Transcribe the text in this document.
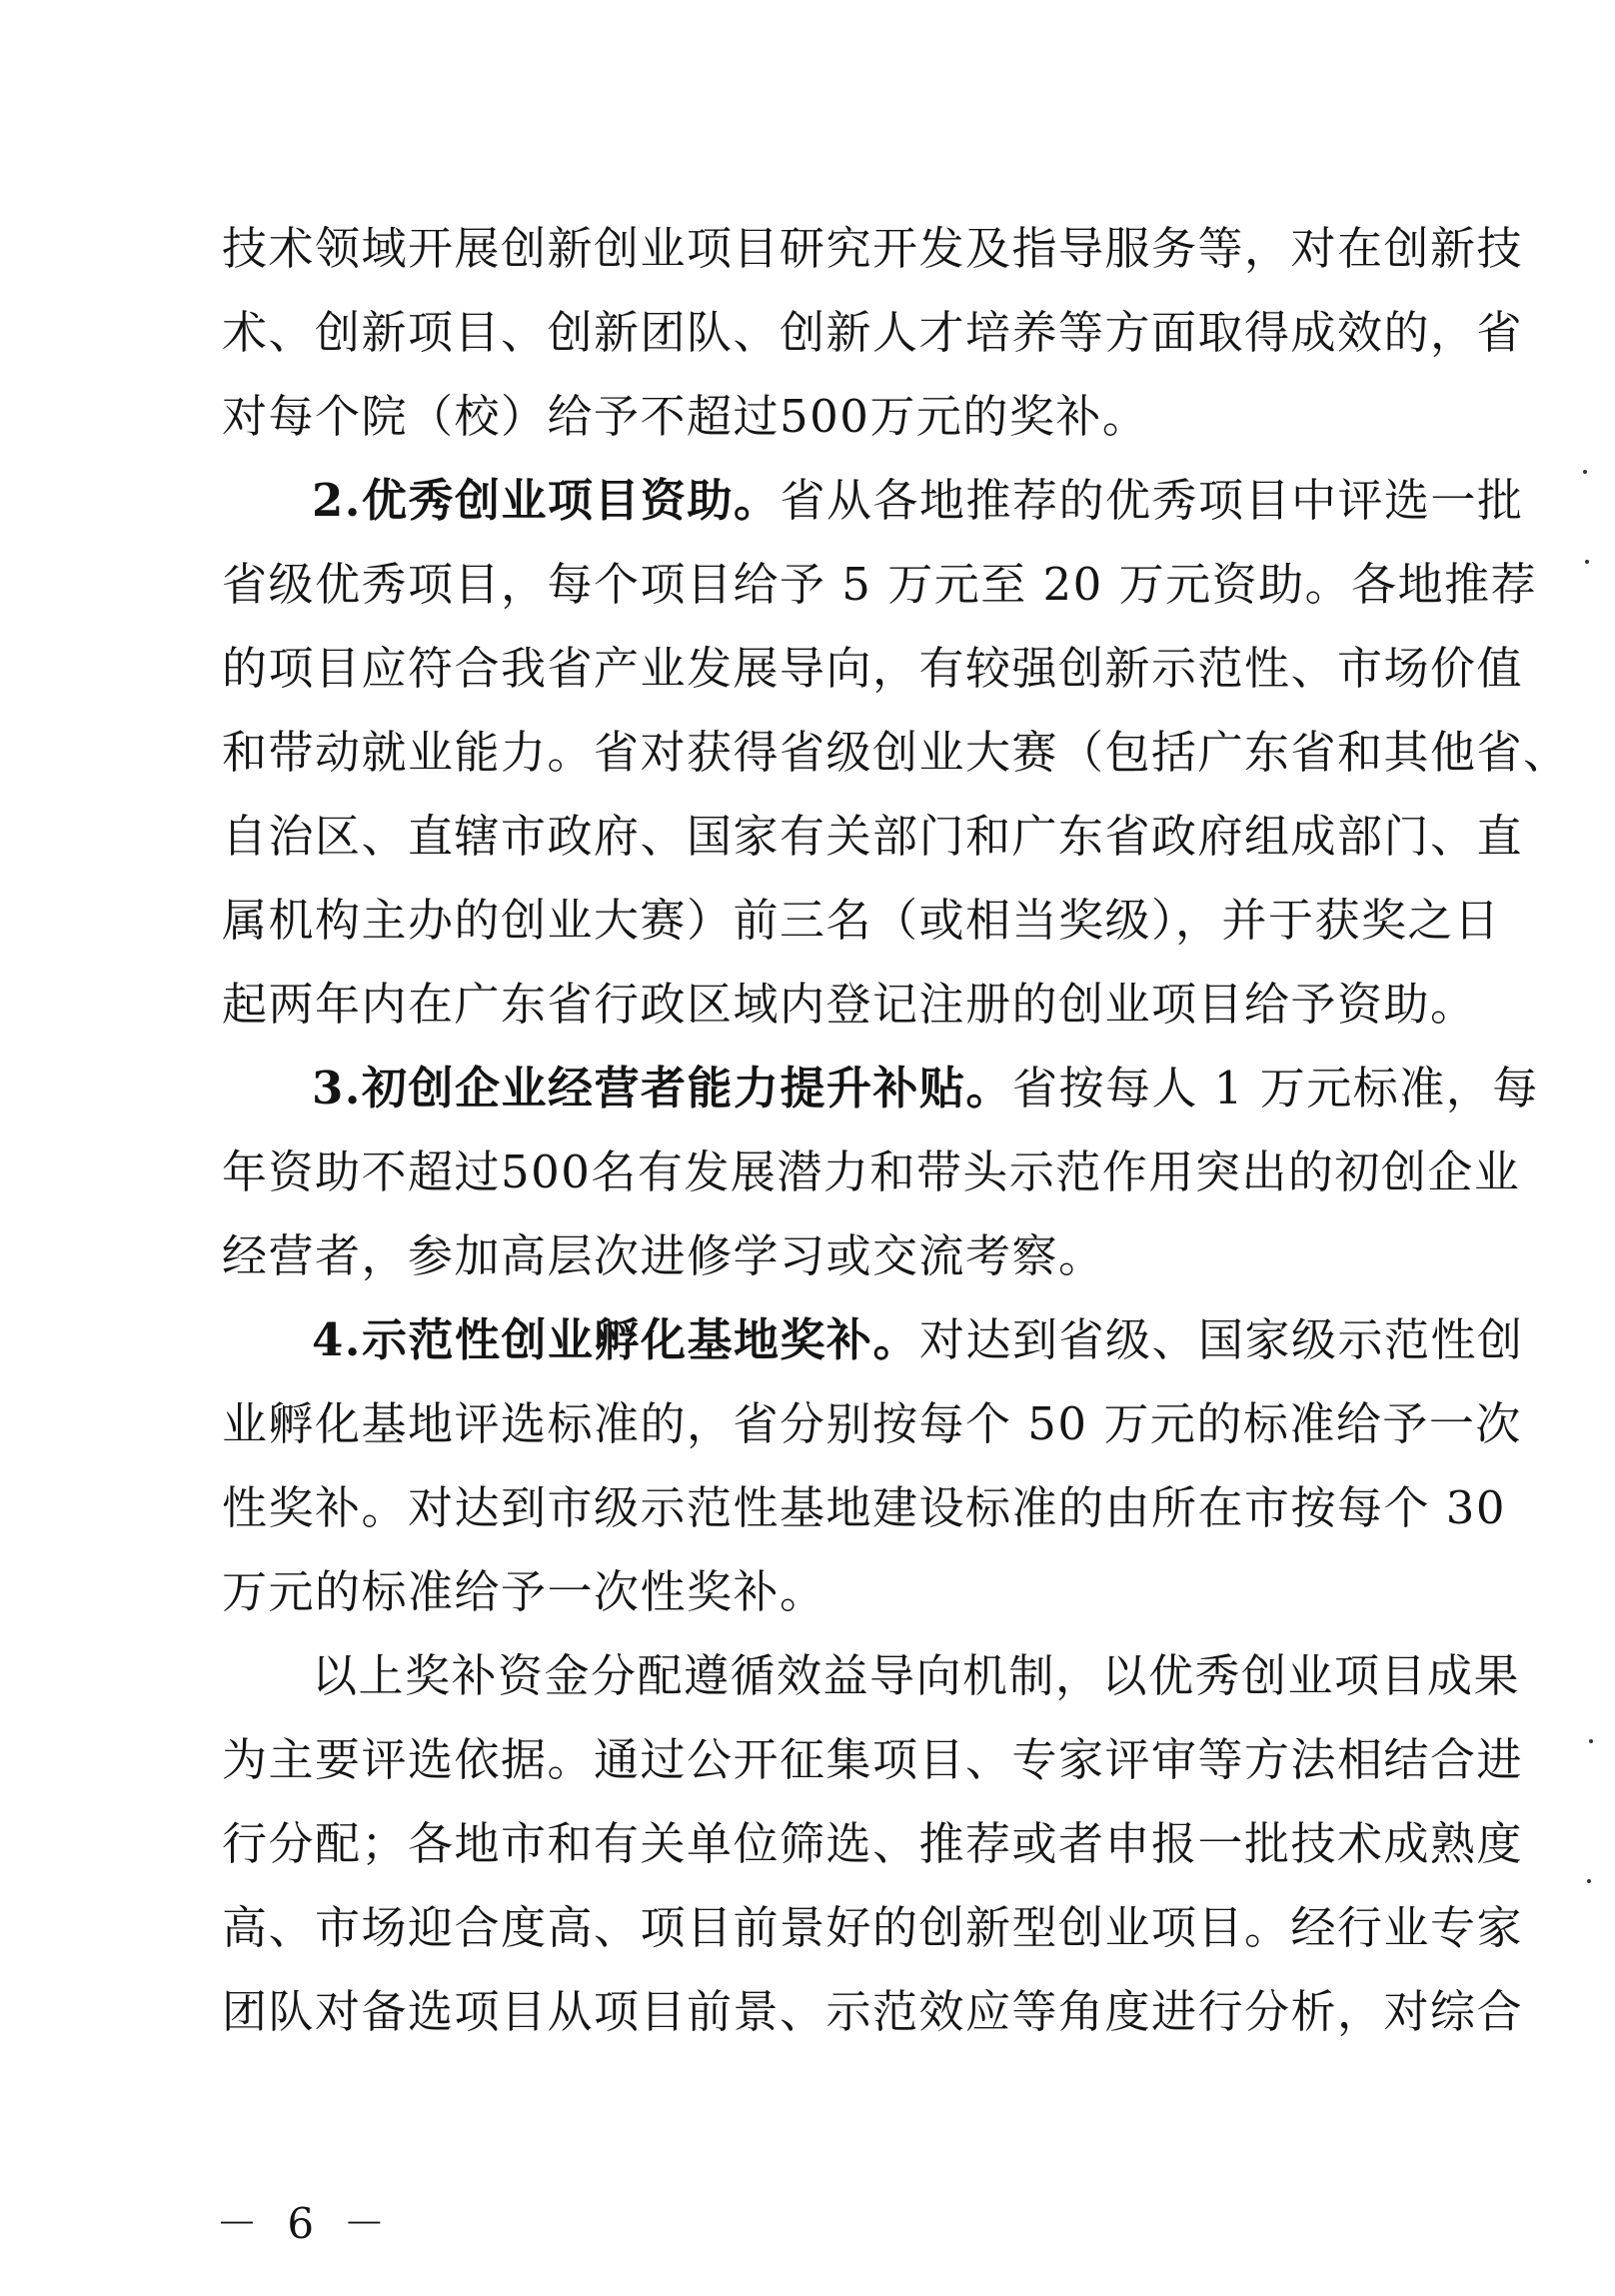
技术领域开展创新创业项目研究开发及指导服务等，对在创新技
术、创新项目、创新团队、创新人才培养等方面取得成效的，省
对每个院（校）给予不超过500万元的奖补。
2.优秀创业项目资助。省从各地推荐的优秀项目中评选一批
省级优秀项目，每个项目给予 5 万元至 20 万元资助。各地推荐
的项目应符合我省产业发展导向，有较强创新示范性、市场价值
和带动就业能力。省对获得省级创业大赛（包括广东省和其他省、
自治区、直辖市政府、国家有关部门和广东省政府组成部门、直
属机构主办的创业大赛）前三名（或相当奖级），并于获奖之日
起两年内在广东省行政区域内登记注册的创业项目给予资助。
3.初创企业经营者能力提升补贴。省按每人 1 万元标准，每
年资助不超过500名有发展潜力和带头示范作用突出的初创企业
经营者，参加高层次进修学习或交流考察。
4.示范性创业孵化基地奖补。对达到省级、国家级示范性创
业孵化基地评选标准的，省分别按每个 50 万元的标准给予一次
性奖补。对达到市级示范性基地建设标准的由所在市按每个 30
万元的标准给予一次性奖补。
以上奖补资金分配遵循效益导向机制，以优秀创业项目成果
为主要评选依据。通过公开征集项目、专家评审等方法相结合进
行分配；各地市和有关单位筛选、推荐或者申报一批技术成熟度
高、市场迎合度高、项目前景好的创新型创业项目。经行业专家
团队对备选项目从项目前景、示范效应等角度进行分析，对综合
－ 6 －
